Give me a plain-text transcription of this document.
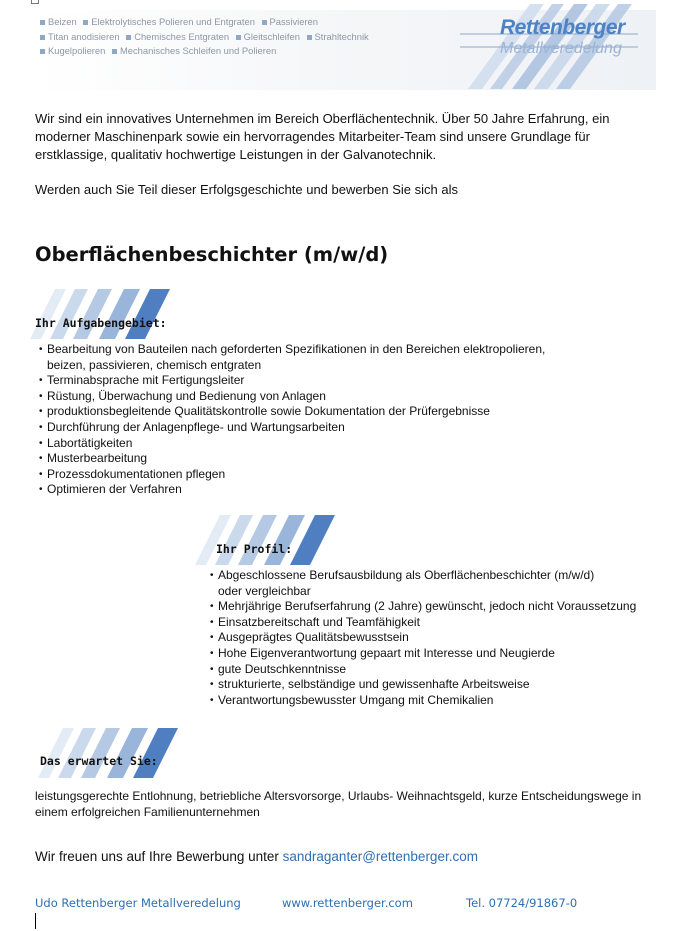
Beizen Elektrolytisches Polieren und Entgraten Passivieren
Titan anodisieren Chemisches Entgraten Gleitschleifen Strahltechnik
Kugelpolieren Mechanisches Schleifen und Polieren
Rettenberger
Metallveredelung
Wir sind ein innovatives Unternehmen im Bereich Oberflächentechnik. Über 50 Jahre Erfahrung, ein moderner Maschinenpark sowie ein hervorragendes Mitarbeiter-Team sind unsere Grundlage für erstklassige, qualitativ hochwertige Leistungen in der Galvanotechnik.
Werden auch Sie Teil dieser Erfolgsgeschichte und bewerben Sie sich als
Oberflächenbeschichter (m/w/d)
Ihr Aufgabengebiet:
• Bearbeitung von Bauteilen nach geforderten Spezifikationen in den Bereichen elektropolieren,
beizen, passivieren, chemisch entgraten
• Terminabsprache mit Fertigungsleiter
• Rüstung, Überwachung und Bedienung von Anlagen
• produktionsbegleitende Qualitätskontrolle sowie Dokumentation der Prüfergebnisse
• Durchführung der Anlagenpflege- und Wartungsarbeiten
• Labortätigkeiten
• Musterbearbeitung
• Prozessdokumentationen pflegen
• Optimieren der Verfahren
Ihr Profil:
• Abgeschlossene Berufsausbildung als Oberflächenbeschichter (m/w/d)
oder vergleichbar
• Mehrjährige Berufserfahrung (2 Jahre) gewünscht, jedoch nicht Voraussetzung
• Einsatzbereitschaft und Teamfähigkeit
• Ausgeprägtes Qualitätsbewusstsein
• Hohe Eigenverantwortung gepaart mit Interesse und Neugierde
• gute Deutschkenntnisse
• strukturierte, selbständige und gewissenhafte Arbeitsweise
• Verantwortungsbewusster Umgang mit Chemikalien
Das erwartet Sie:
leistungsgerechte Entlohnung, betriebliche Altersvorsorge, Urlaubs- Weihnachtsgeld, kurze Entscheidungswege in einem erfolgreichen Familienunternehmen
Wir freuen uns auf Ihre Bewerbung unter sandraganter@rettenberger.com
Udo Rettenberger Metallveredelung	www.rettenberger.com	Tel. 07724/91867-0
